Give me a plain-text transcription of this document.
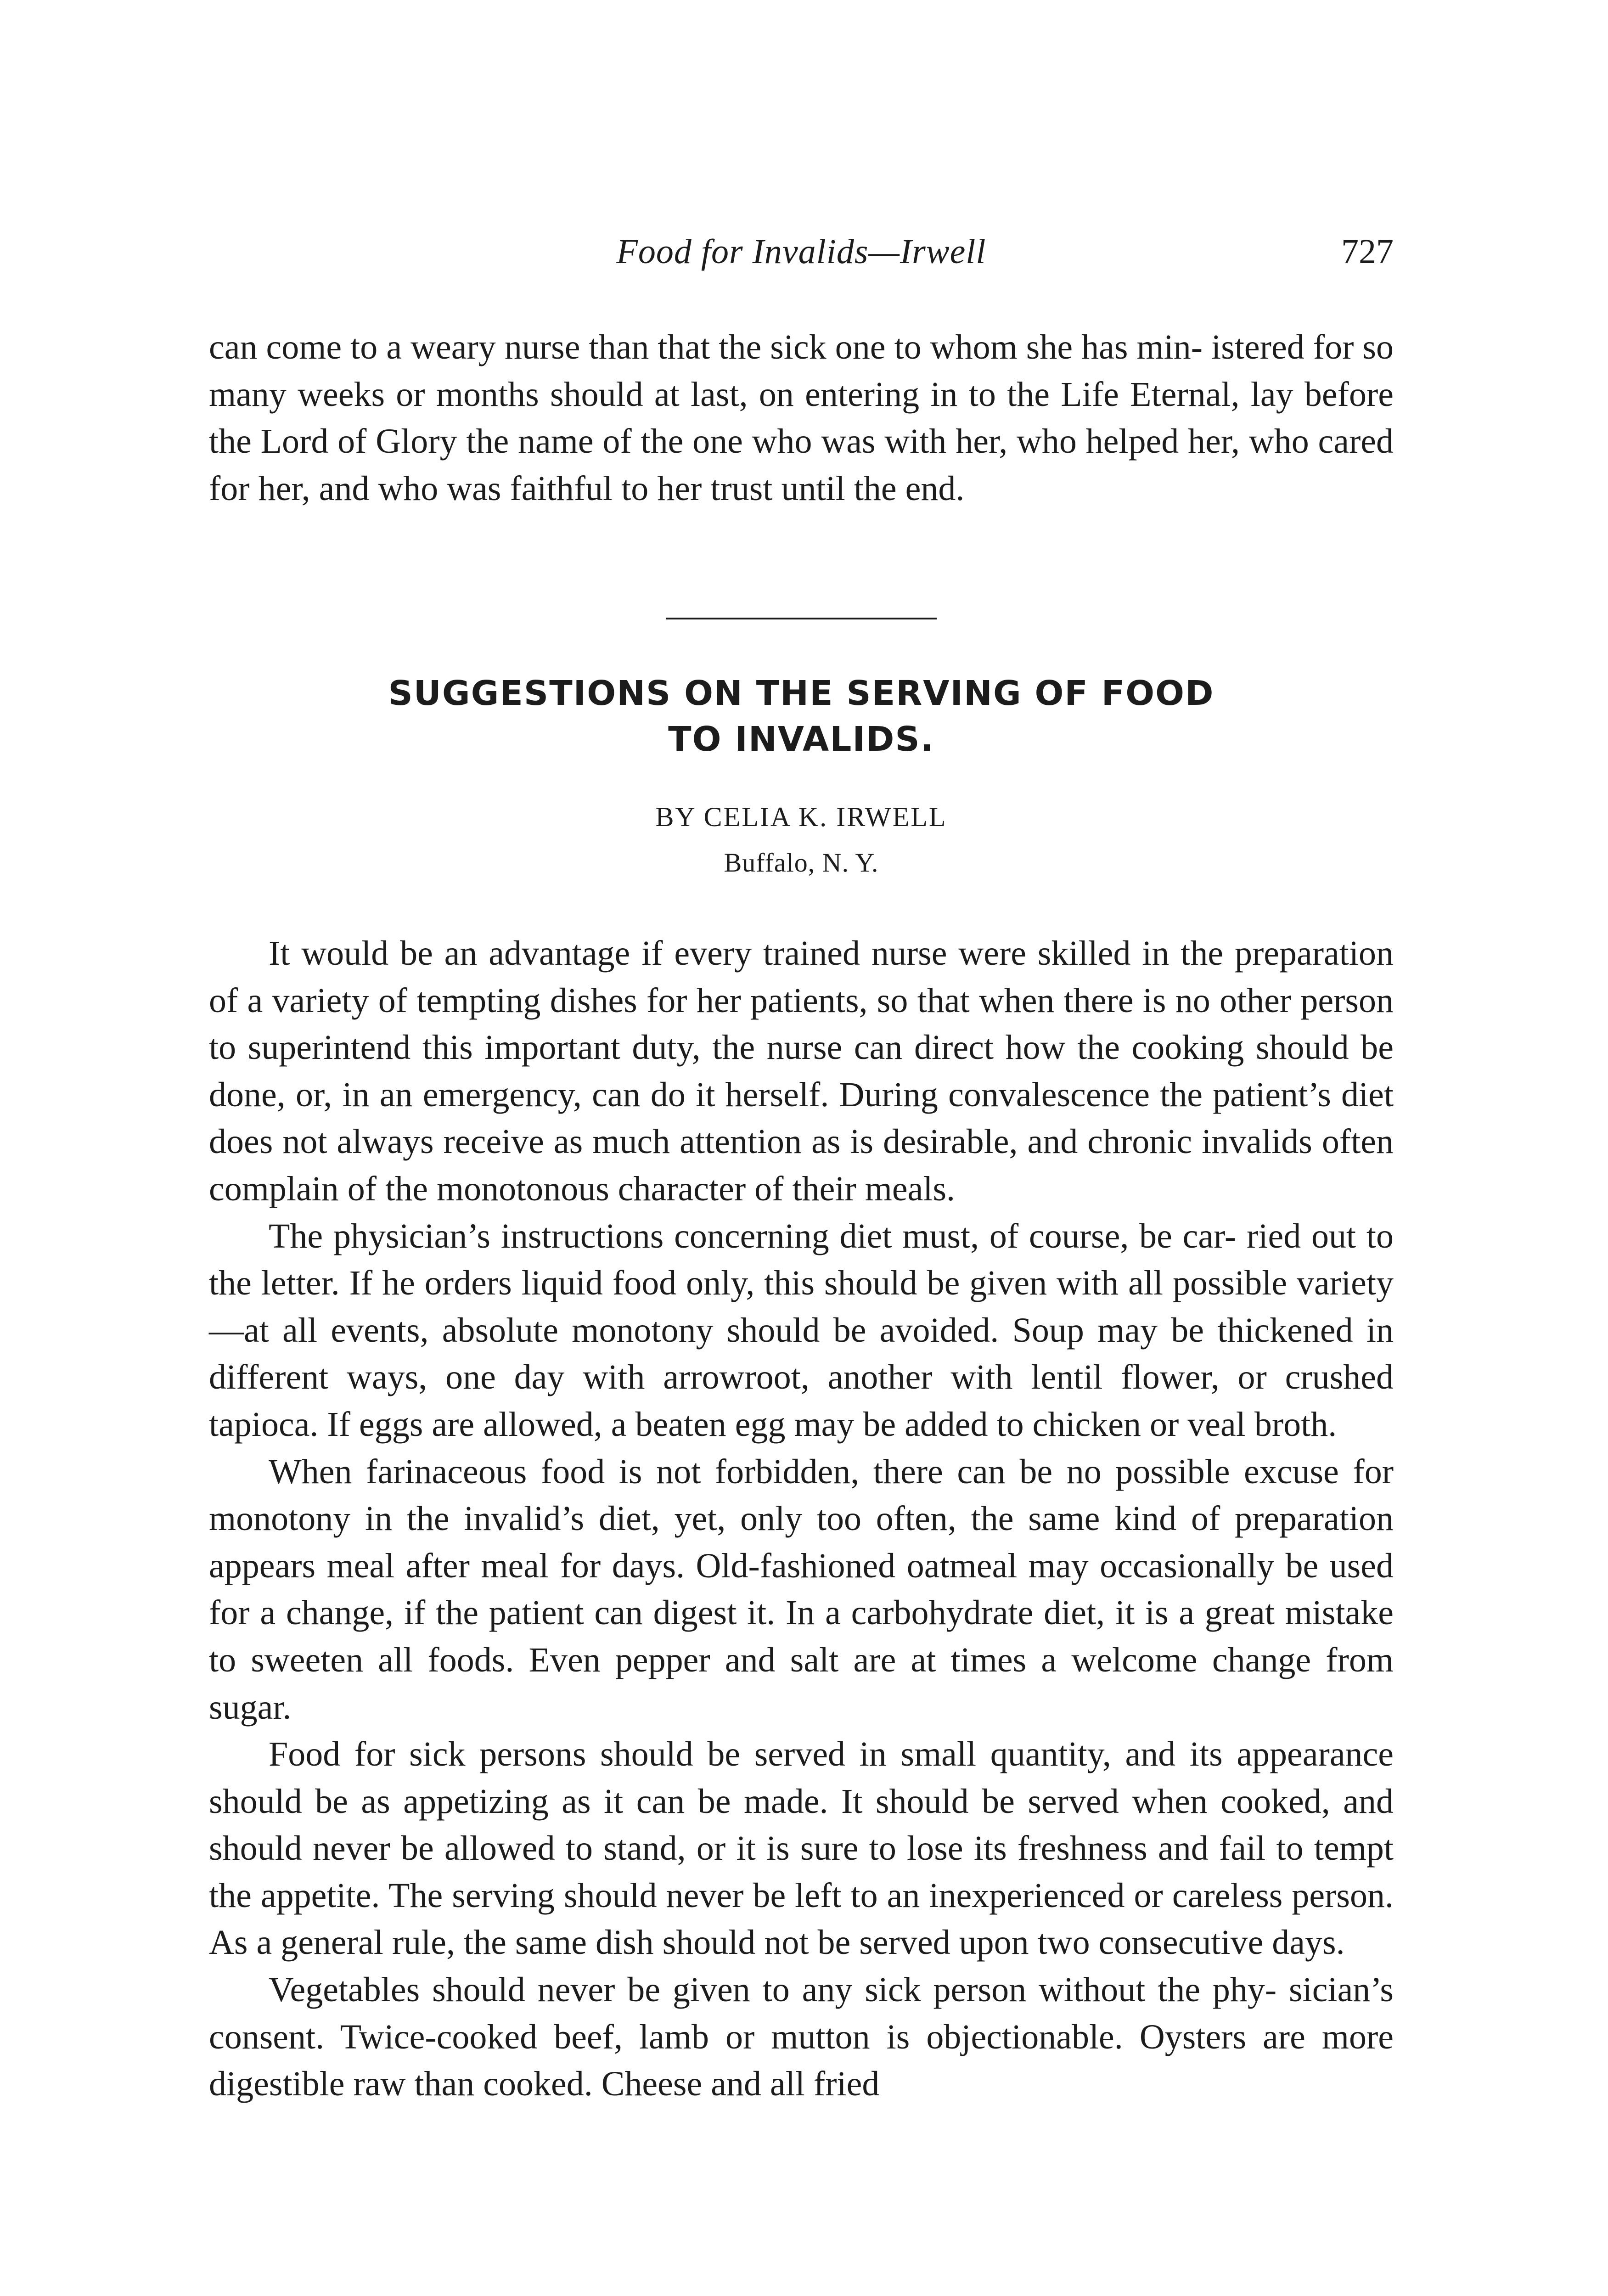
Food for Invalids—Irwell	727

can come to a weary nurse than that the sick one to whom she has min- istered for so many weeks or months should at last, on entering in to the Life Eternal, lay before the Lord of Glory the name of the one who was with her, who helped her, who cared for her, and who was faithful to her trust until the end.

SUGGESTIONS ON THE SERVING OF FOOD
TO INVALIDS.
BY CELIA K. IRWELL
Buffalo, N. Y.

It would be an advantage if every trained nurse were skilled in the preparation of a variety of tempting dishes for her patients, so that when there is no other person to superintend this important duty, the nurse can direct how the cooking should be done, or, in an emergency, can do it herself. During convalescence the patient’s diet does not always receive as much attention as is desirable, and chronic invalids often complain of the monotonous character of their meals.

The physician’s instructions concerning diet must, of course, be car- ried out to the letter. If he orders liquid food only, this should be given with all possible variety—at all events, absolute monotony should be avoided. Soup may be thickened in different ways, one day with arrowroot, another with lentil flower, or crushed tapioca. If eggs are allowed, a beaten egg may be added to chicken or veal broth.

When farinaceous food is not forbidden, there can be no possible excuse for monotony in the invalid’s diet, yet, only too often, the same kind of preparation appears meal after meal for days. Old-fashioned oatmeal may occasionally be used for a change, if the patient can digest it. In a carbohydrate diet, it is a great mistake to sweeten all foods. Even pepper and salt are at times a welcome change from sugar.

Food for sick persons should be served in small quantity, and its appearance should be as appetizing as it can be made. It should be served when cooked, and should never be allowed to stand, or it is sure to lose its freshness and fail to tempt the appetite. The serving should never be left to an inexperienced or careless person. As a general rule, the same dish should not be served upon two consecutive days.

Vegetables should never be given to any sick person without the phy- sician’s consent. Twice-cooked beef, lamb or mutton is objectionable. Oysters are more digestible raw than cooked. Cheese and all fried
